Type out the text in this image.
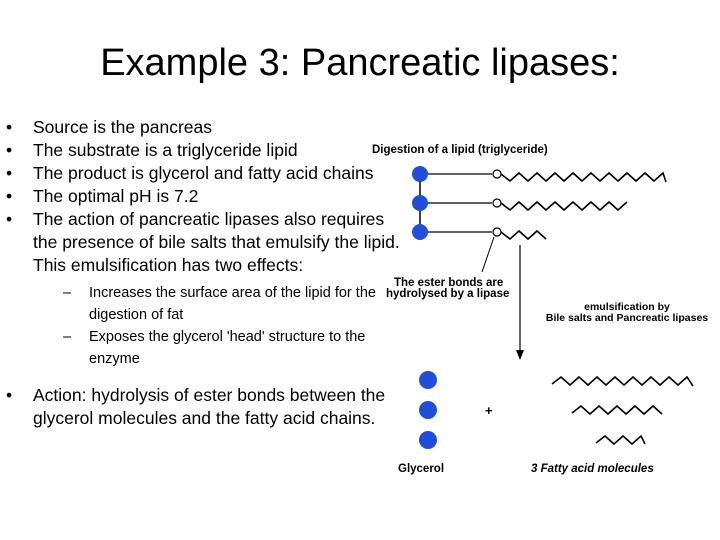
Example 3: Pancreatic lipases:
• Source is the pancreas
• The substrate is a triglyceride lipid
• The product is glycerol and fatty acid chains
• The optimal pH is 7.2
• The action of pancreatic lipases also requires the presence of bile salts that emulsify the lipid. This emulsification has two effects:
– Increases the surface area of the lipid for the digestion of fat
– Exposes the glycerol 'head' structure to the enzyme
• Action: hydrolysis of ester bonds between the glycerol molecules and the fatty acid chains.
Digestion of a lipid (triglyceride)
The ester bonds are
hydrolysed by a lipase
emulsification by
Bile salts and Pancreatic lipases
+
Glycerol	3 Fatty acid molecules
